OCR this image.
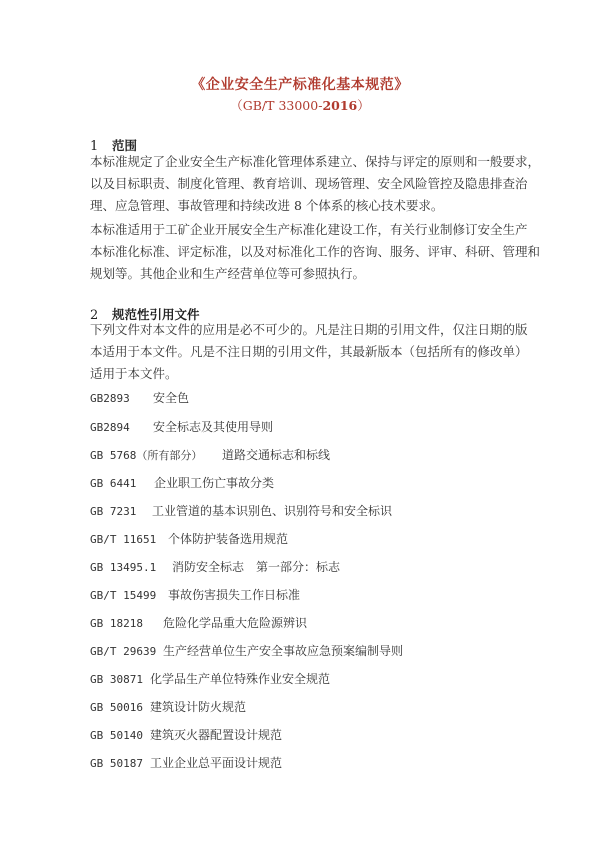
《企业安全生产标准化基本规范》
（GB/T 33000-2016）
1 范围

本标准规定了企业安全生产标准化管理体系建立、保持与评定的原则和一般要求，
以及目标职责、制度化管理、教育培训、现场管理、安全风险管控及隐患排查治
理、应急管理、事故管理和持续改进 8 个体系的核心技术要求。

本标准适用于工矿企业开展安全生产标准化建设工作，有关行业制修订安全生产
本标准化标准、评定标准，以及对标准化工作的咨询、服务、评审、科研、管理和
规划等。其他企业和生产经营单位等可参照执行。

2 规范性引用文件

下列文件对本文件的应用是必不可少的。凡是注日期的引用文件，仅注日期的版
本适用于本文件。凡是不注日期的引用文件，其最新版本（包括所有的修改单）
适用于本文件。

GB2893 安全色
GB2894 安全标志及其使用导则
GB 5768（所有部分） 道路交通标志和标线
GB 6441 企业职工伤亡事故分类
GB 7231 工业管道的基本识别色、识别符号和安全标识
GB/T 11651 个体防护装备选用规范
GB 13495.1 消防安全标志　第一部分：标志
GB/T 15499 事故伤害损失工作日标准
GB 18218 危险化学品重大危险源辨识
GB/T 29639 生产经营单位生产安全事故应急预案编制导则
GB 30871 化学品生产单位特殊作业安全规范
GB 50016 建筑设计防火规范
GB 50140 建筑灭火器配置设计规范
GB 50187 工业企业总平面设计规范
